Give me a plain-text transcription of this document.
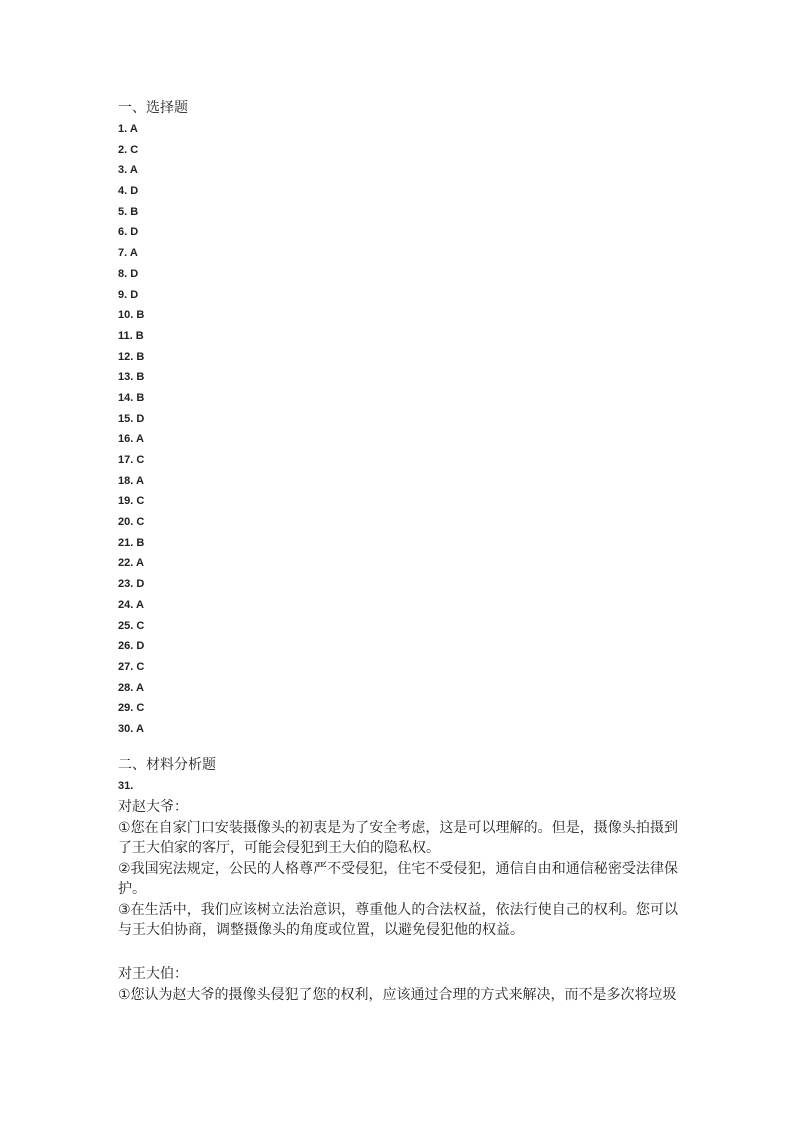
一、选择题
1. A
2. C
3. A
4. D
5. B
6. D
7. A
8. D
9. D
10. B
11. B
12. B
13. B
14. B
15. D
16. A
17. C
18. A
19. C
20. C
21. B
22. A
23. D
24. A
25. C
26. D
27. C
28. A
29. C
30. A
二、材料分析题
31.
对赵大爷：

①您在自家门口安装摄像头的初衷是为了安全考虑，这是可以理解的。但是，摄像头拍摄到了王大伯家的客厅，可能会侵犯到王大伯的隐私权。

②我国宪法规定，公民的人格尊严不受侵犯，住宅不受侵犯，通信自由和通信秘密受法律保护。

③在生活中，我们应该树立法治意识，尊重他人的合法权益，依法行使自己的权利。您可以与王大伯协商，调整摄像头的角度或位置，以避免侵犯他的权益。

对王大伯：

①您认为赵大爷的摄像头侵犯了您的权利，应该通过合理的方式来解决，而不是多次将垃圾
